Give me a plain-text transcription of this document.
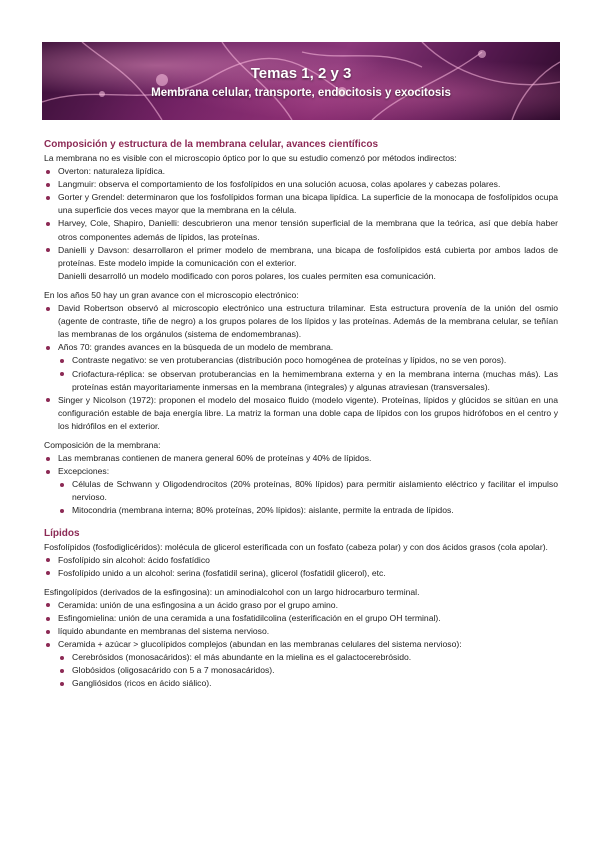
Temas 1, 2 y 3
Membrana celular, transporte, endocitosis y exocitosis
Composición y estructura de la membrana celular, avances científicos

La membrana no es visible con el microscopio óptico por lo que su estudio comenzó por métodos indirectos:

Overton: naturaleza lipídica.
Langmuir: observa el comportamiento de los fosfolípidos en una solución acuosa, colas apolares y cabezas polares.
Gorter y Grendel: determinaron que los fosfolípidos forman una bicapa lipídica. La superficie de la monocapa de fosfolípidos ocupa una superficie dos veces mayor que la membrana en la célula.
Harvey, Cole, Shapiro, Danielli: descubrieron una menor tensión superficial de la membrana que la teórica, así que debía haber otros componentes además de lípidos, las proteínas.
Danielli y Davson: desarrollaron el primer modelo de membrana, una bicapa de fosfolípidos está cubierta por ambos lados de proteínas. Este modelo impide la comunicación con el exterior.

Danielli desarrolló un modelo modificado con poros polares, los cuales permiten esa comunicación.

En los años 50 hay un gran avance con el microscopio electrónico:

David Robertson observó al microscopio electrónico una estructura trilaminar. Esta estructura provenía de la unión del osmio (agente de contraste, tiñe de negro) a los grupos polares de los lípidos y las proteínas. Además de la membrana celular, se teñían las membranas de los orgánulos (sistema de endomembranas).
Años 70: grandes avances en la búsqueda de un modelo de membrana.
Contraste negativo: se ven protuberancias (distribución poco homogénea de proteínas y lípidos, no se ven poros).
Criofactura-réplica: se observan protuberancias en la hemimembrana externa y en la membrana interna (muchas más). Las proteínas están mayoritariamente inmersas en la membrana (integrales) y algunas atraviesan (transversales).
Singer y Nicolson (1972): proponen el modelo del mosaico fluido (modelo vigente). Proteínas, lípidos y glúcidos se sitúan en una configuración estable de baja energía libre. La matriz la forman una doble capa de lípidos con los grupos hidrófobos en el centro y los hidrófilos en el exterior.

Composición de la membrana:

Las membranas contienen de manera general 60% de proteínas y 40% de lípidos.
Excepciones:
Células de Schwann y Oligodendrocitos (20% proteínas, 80% lípidos) para permitir aislamiento eléctrico y facilitar el impulso nervioso.
Mitocondria (membrana interna; 80% proteínas, 20% lípidos): aislante, permite la entrada de lípidos.
Lípidos

Fosfolípidos (fosfodiglicéridos): molécula de glicerol esterificada con un fosfato (cabeza polar) y con dos ácidos grasos (cola apolar).

Fosfolípido sin alcohol: ácido fosfatídico
Fosfolípido unido a un alcohol: serina (fosfatidil serina), glicerol (fosfatidil glicerol), etc.

Esfingolípidos (derivados de la esfingosina): un aminodialcohol con un largo hidrocarburo terminal.

Ceramida: unión de una esfingosina a un ácido graso por el grupo amino.
Esfingomielina: unión de una ceramida a una fosfatidilcolina (esterificación en el grupo OH terminal).
líquido abundante en membranas del sistema nervioso.
Ceramida + azúcar > glucolípidos complejos (abundan en las membranas celulares del sistema nervioso):
Cerebrósidos (monosacáridos): el más abundante en la mielina es el galactocerebrósido.
Globósidos (oligosacárido con 5 a 7 monosacáridos).
Gangliósidos (ricos en ácido siálico).
